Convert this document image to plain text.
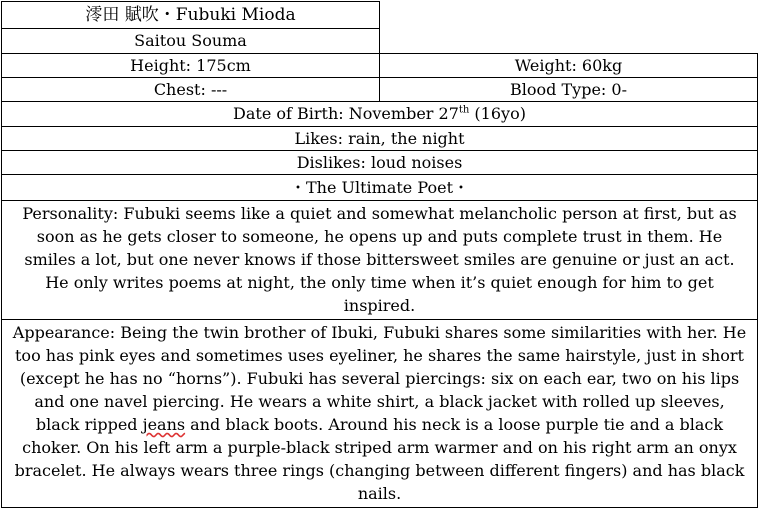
澪田 賦吹・Fubuki Mioda
Saitou Souma
Height: 175cm	Weight: 60kg
Chest: ---	Blood Type: 0-
Date of Birth: November 27th (16yo)
Likes: rain, the night
Dislikes: loud noises
・The Ultimate Poet・
Personality: Fubuki seems like a quiet and somewhat melancholic person at first, but as soon as he gets closer to someone, he opens up and puts complete trust in them. He smiles a lot, but one never knows if those bittersweet smiles are genuine or just an act. He only writes poems at night, the only time when it’s quiet enough for him to get inspired.
Appearance: Being the twin brother of Ibuki, Fubuki shares some similarities with her. He too has pink eyes and sometimes uses eyeliner, he shares the same hairstyle, just in short (except he has no “horns”). Fubuki has several piercings: six on each ear, two on his lips and one navel piercing. He wears a white shirt, a black jacket with rolled up sleeves, black ripped jeans and black boots. Around his neck is a loose purple tie and a black choker. On his left arm a purple-black striped arm warmer and on his right arm an onyx bracelet. He always wears three rings (changing between different fingers) and has black nails.
